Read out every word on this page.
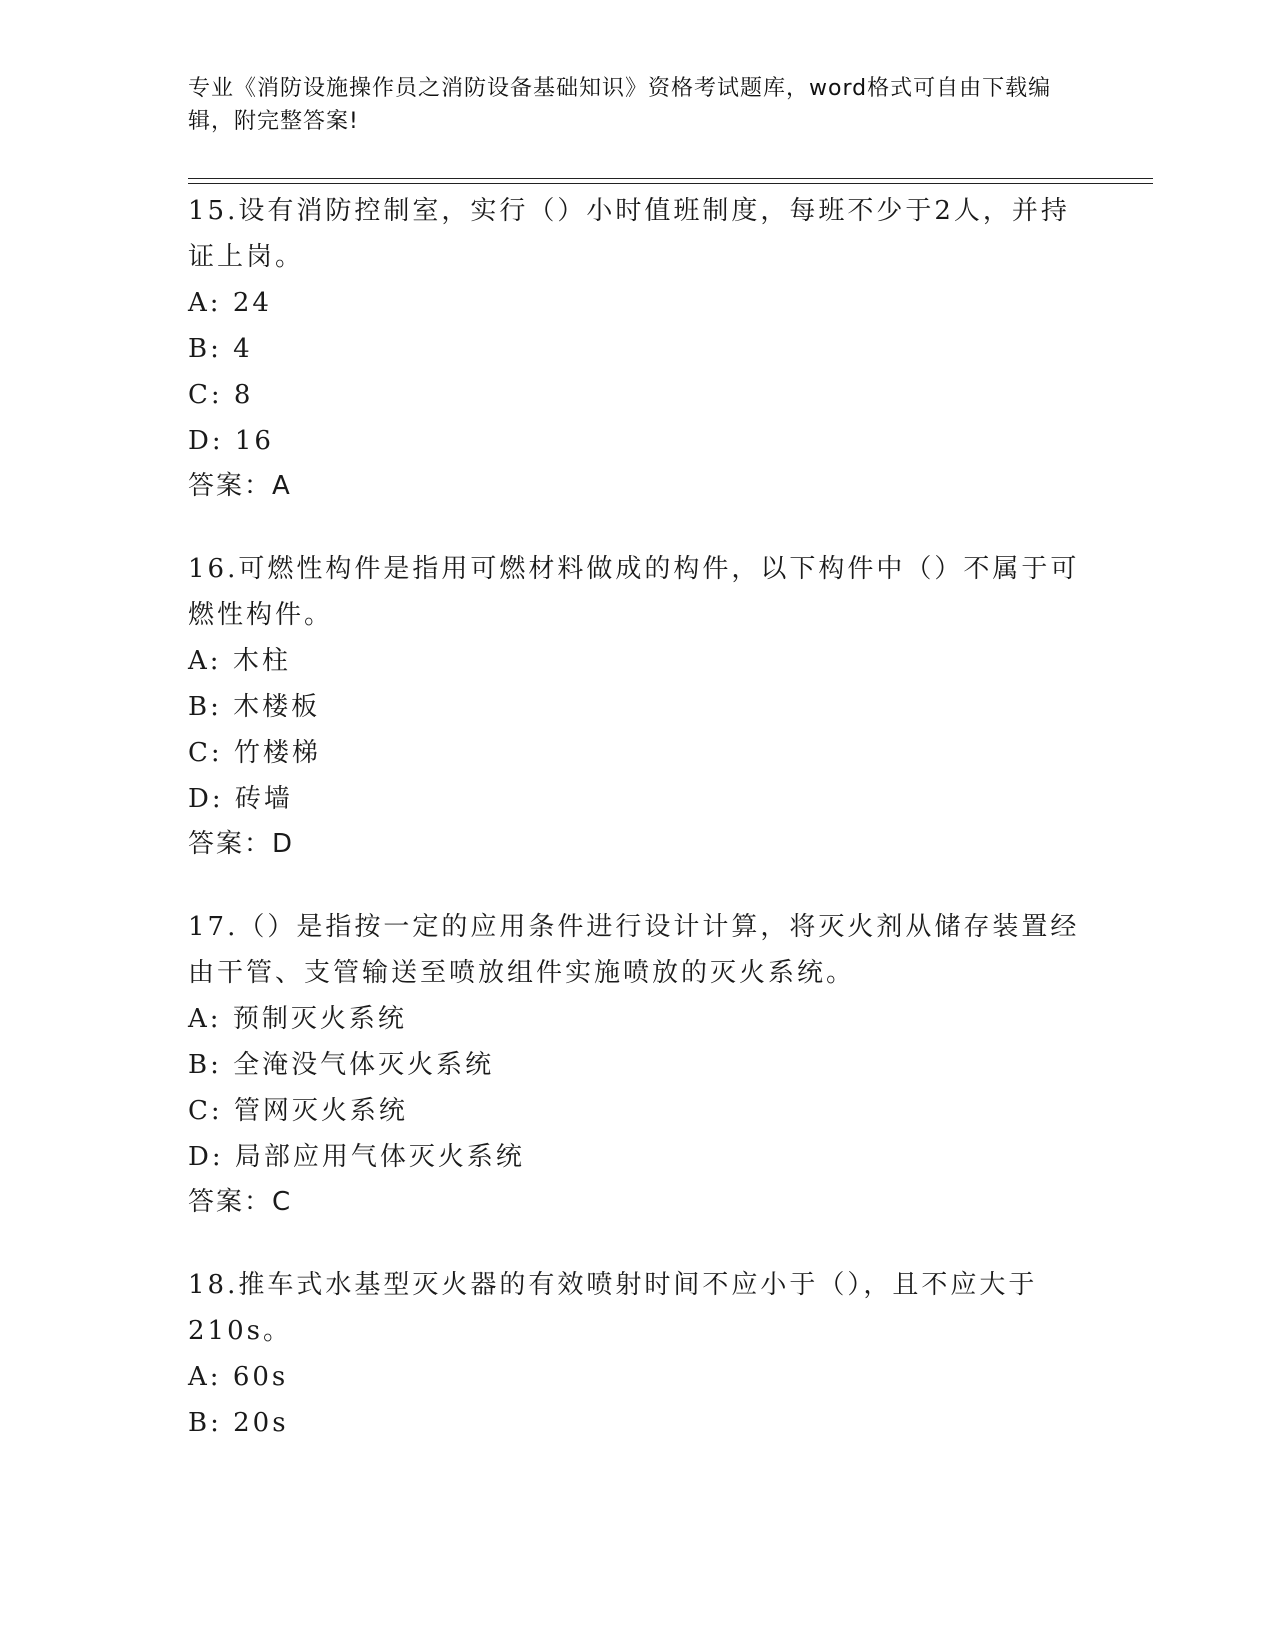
专业《消防设施操作员之消防设备基础知识》资格考试题库，word格式可自由下载编辑，附完整答案!

15.设有消防控制室，实行（）小时值班制度，每班不少于2人，并持证上岗。

A: 24

B: 4

C: 8

D: 16

答案：A

16.可燃性构件是指用可燃材料做成的构件，以下构件中（）不属于可燃性构件。

A: 木柱

B: 木楼板

C: 竹楼梯

D: 砖墙

答案：D

17.（）是指按一定的应用条件进行设计计算，将灭火剂从储存装置经由干管、支管输送至喷放组件实施喷放的灭火系统。

A: 预制灭火系统

B: 全淹没气体灭火系统

C: 管网灭火系统

D: 局部应用气体灭火系统

答案：C

18.推车式水基型灭火器的有效喷射时间不应小于（），且不应大于210s。

A: 60s

B: 20s
